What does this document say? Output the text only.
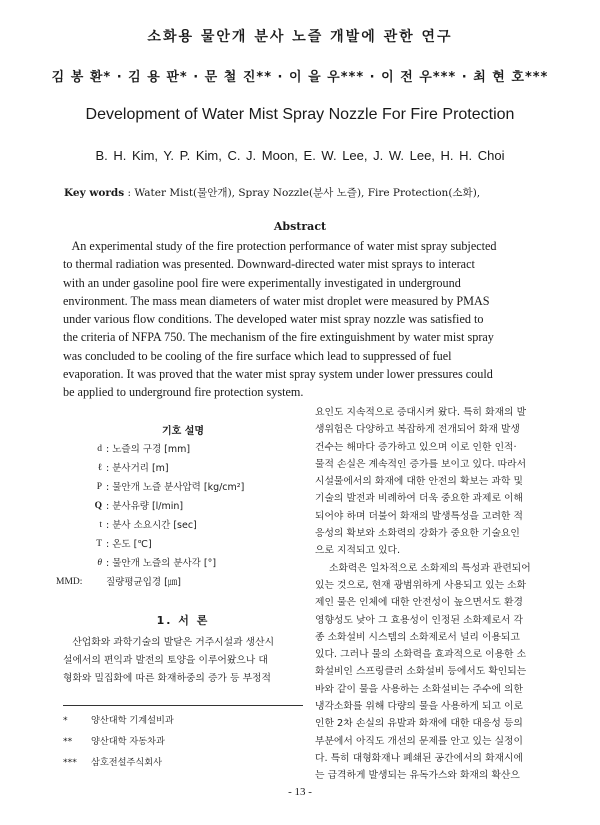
소화용 물안개 분사 노즐 개발에 관한 연구
김 봉 환* · 김 용 판* · 문 철 진** · 이 을 우*** · 이 전 우*** · 최 현 호***
Development of Water Mist Spray Nozzle For Fire Protection
B. H. Kim, Y. P. Kim, C. J. Moon, E. W. Lee, J. W. Lee, H. H. Choi
Key words : Water Mist(물안개), Spray Nozzle(분사 노즐), Fire Protection(소화),
Abstract
An experimental study of the fire protection performance of water mist spray subjected
to thermal radiation was presented. Downward-directed water mist sprays to interact
with an under gasoline pool fire were experimentally investigated in underground
environment. The mass mean diameters of water mist droplet were measured by PMAS
under various flow conditions. The developed water mist spray nozzle was satisfied to
the criteria of NFPA 750. The mechanism of the fire extinguishment by water mist spray
was concluded to be cooling of the fire surface which lead to suppressed of fuel
evaporation. It was proved that the water mist spray system under lower pressures could
be applied to underground fire protection system.
기호 설명
d : 노즐의 구경 [mm]
ℓ : 분사거리 [m]
P : 물안개 노즐 분사압력 [kg/cm²]
Q : 분사유량 [l/min]
t : 분사 소요시간 [sec]
T : 온도 [℃]
θ : 물안개 노즐의 분사각 [°]
MMD:	질량평균입경 [㎛]
1. 서 론
산업화와 과학기술의 발달은 거주시설과 생산시
설에서의 편익과 발전의 토양을 이루어왔으나 대
형화와 밀집화에 따른 화재하중의 증가 등 부정적
*	양산대학 기계설비과
**	양산대학 자동차과
***	삼호전설주식회사
요인도 지속적으로 증대시켜 왔다. 특히 화재의 발
생위험은 다양하고 복잡하게 전개되어 화재 발생
건수는 해마다 증가하고 있으며 이로 인한 인적·
물적 손실은 계속적인 증가를 보이고 있다. 따라서
시설물에서의 화재에 대한 안전의 확보는 과학 및
기술의 발전과 비례하여 더욱 중요한 과제로 이해
되어야 하며 더불어 화재의 발생특성을 고려한 적
응성의 확보와 소화력의 강화가 중요한 기술요인
으로 지적되고 있다.
소화력은 일차적으로 소화제의 특성과 관련되어
있는 것으로, 현재 광범위하게 사용되고 있는 소화
제인 물은 인체에 대한 안전성이 높으면서도 환경
영향성도 낮아 그 효용성이 인정된 소화제로서 각
종 소화설비 시스템의 소화제로서 널리 이용되고
있다. 그러나 물의 소화력을 효과적으로 이용한 소
화설비인 스프링클러 소화설비 등에서도 확인되는
바와 같이 물을 사용하는 소화설비는 주수에 의한
냉각소화를 위해 다량의 물을 사용하게 되고 이로
인한 2차 손실의 유발과 화재에 대한 대응성 등의
부분에서 아직도 개선의 문제를 안고 있는 실정이
다. 특히 대형화재나 폐쇄된 공간에서의 화재시에
는 급격하게 발생되는 유독가스와 화재의 확산으
- 13 -
